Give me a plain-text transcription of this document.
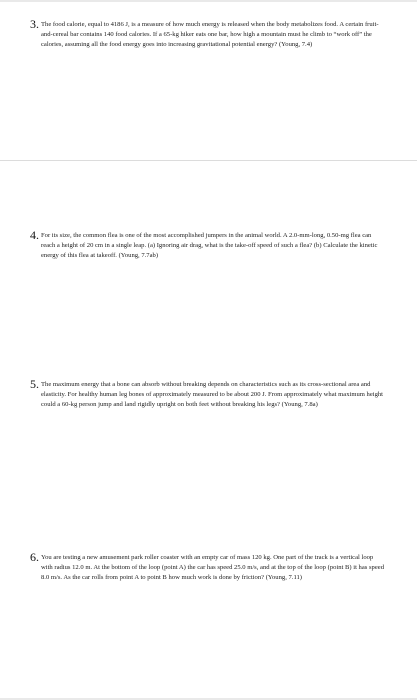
3. The food calorie, equal to 4186 J, is a measure of how much energy is released when the body metabolizes food. A certain fruit-and-cereal bar contains 140 food calories. If a 65-kg hiker eats one bar, how high a mountain must he climb to “work off” the calories, assuming all the food energy goes into increasing gravitational potential energy? (Young, 7.4)

4. For its size, the common flea is one of the most accomplished jumpers in the animal world. A 2.0-mm-long, 0.50-mg flea can reach a height of 20 cm in a single leap. (a) Ignoring air drag, what is the take-off speed of such a flea? (b) Calculate the kinetic energy of this flea at takeoff. (Young, 7.7ab)

5. The maximum energy that a bone can absorb without breaking depends on characteristics such as its cross-sectional area and elasticity. For healthy human leg bones of approximately measured to be about 200 J. From approximately what maximum height could a 60-kg person jump and land rigidly upright on both feet without breaking his legs? (Young, 7.8a)

6. You are testing a new amusement park roller coaster with an empty car of mass 120 kg. One part of the track is a vertical loop with radius 12.0 m. At the bottom of the loop (point A) the car has speed 25.0 m/s, and at the top of the loop (point B) it has speed 8.0 m/s. As the car rolls from point A to point B how much work is done by friction? (Young, 7.11)
